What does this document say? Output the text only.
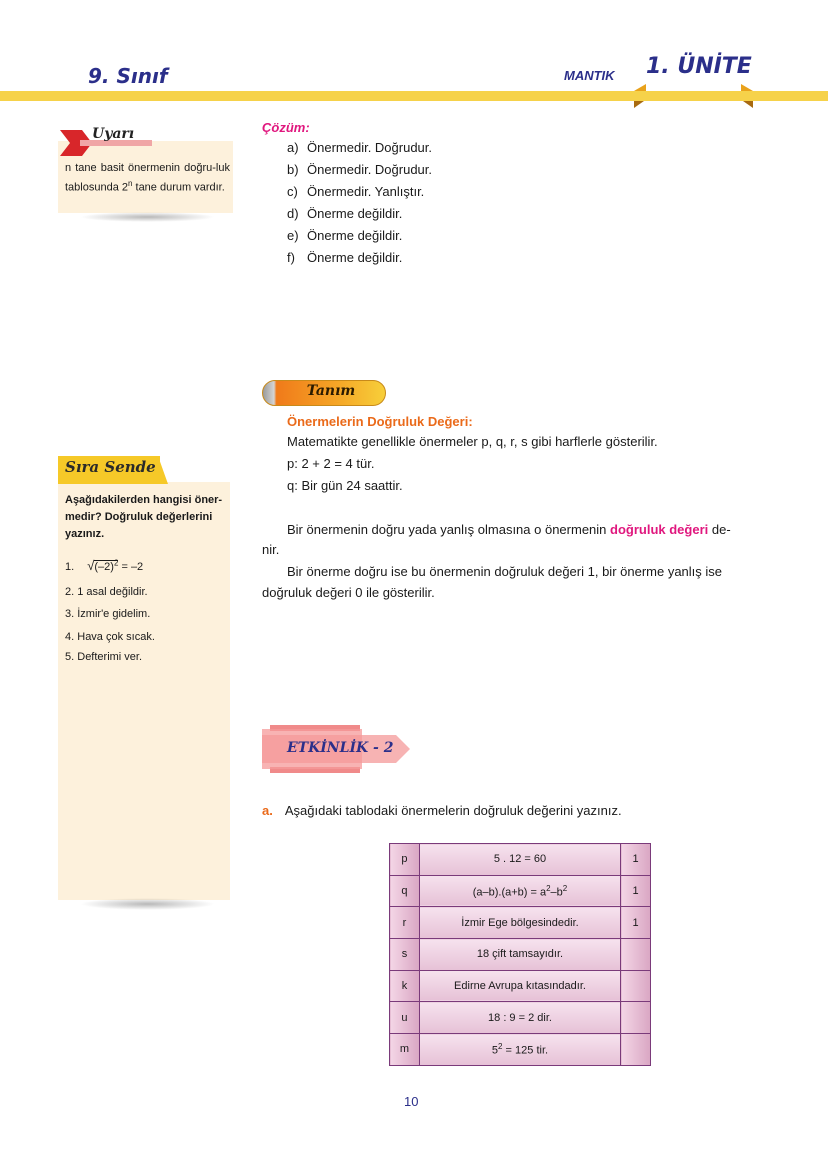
9. Sınıf	MANTIK 1. ÜNİTE
Uyarı
n tane basit önermenin doğru-luk tablosunda 2$^n$ tane durum vardır.
Çözüm:
a) Önermedir. Doğrudur.
b) Önermedir. Doğrudur.
c) Önermedir. Yanlıştır.
d) Önerme değildir.
e) Önerme değildir.
f) Önerme değildir.
Tanım
Önermelerin Doğruluk Değeri:
Matematikte genellikle önermeler p, q, r, s gibi harflerle gösterilir.
p: 2 + 2 = 4 tür.
q: Bir gün 24 saattir.
Bir önermenin doğru yada yanlış olmasına o önermenin doğruluk değeri de-
nir.
Bir önerme doğru ise bu önermenin doğruluk değeri 1, bir önerme yanlış ise
doğruluk değeri 0 ile gösterilir.
Sıra Sende
Aşağıdakilerden hangisi öner-medir? Doğruluk değerlerini yazınız.
1. $√(-2)^2 = -2$
2. 1 asal değildir.
3. İzmir'e gidelim.
4. Hava çok sıcak.
5. Defterimi ver.
ETKİNLİK - 2
a. Aşağıdaki tablodaki önermelerin doğruluk değerini yazınız.
p	5 . 12 = 60	1
q	$(a-b).(a+b) = a^2-b^2$	1
r	İzmir Ege bölgesindedir.	1
s	18 çift tamsayıdır.	
k	Edirne Avrupa kıtasındadır.	
u	18 : 9 = 2 dir.	
m	$5^2 = 125$ tir.	
10
